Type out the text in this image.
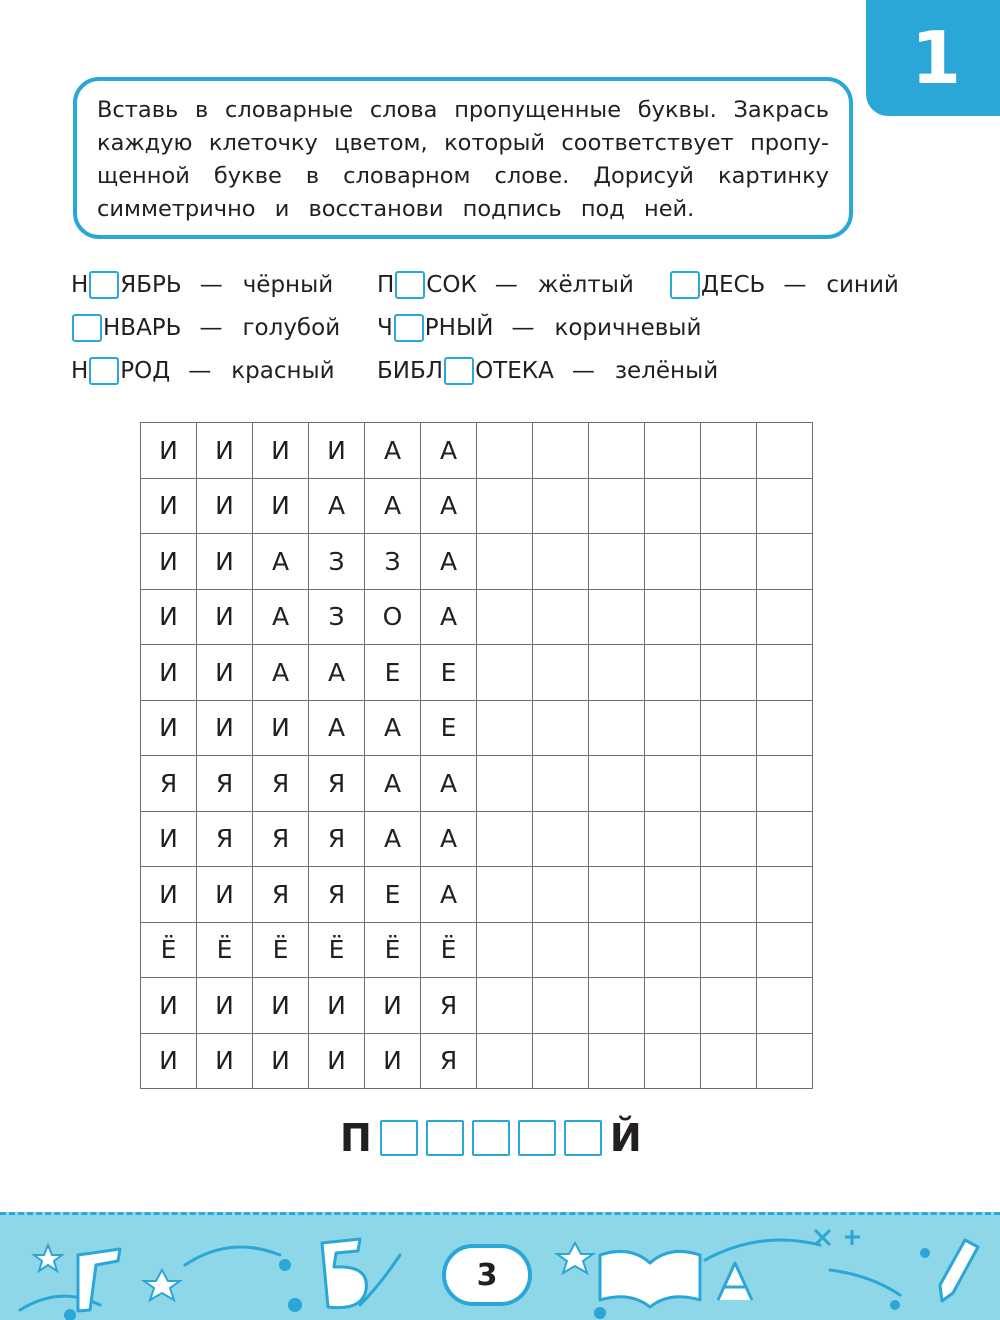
1
Вставь в словарные слова пропущенные буквы. Закрась
каждую клеточку цветом, который соответствует пропу-
щенной букве в словарном слове. Дорисуй картинку
симметрично и восстанови подпись под ней.
Н ЯБРЬ — чёрный П СОК — жёлтый	ДЕСЬ — синий
НВАРЬ — голубой Ч РНЫЙ — коричневый
Н РОД — красный БИБЛ ОТЕКА — зелёный
И	И	И	И	А	А						
И	И	И	А	А	А						
И	И	А	З	З	А						
И	И	А	З	О	А						
И	И	А	А	Е	Е						
И	И	И	А	А	Е						
Я	Я	Я	Я	А	А						
И	Я	Я	Я	А	А						
И	И	Я	Я	Е	А						
Ё	Ё	Ё	Ё	Ё	Ё						
И	И	И	И	И	Я						
И	И	И	И	И	Я						
П	Й
3
